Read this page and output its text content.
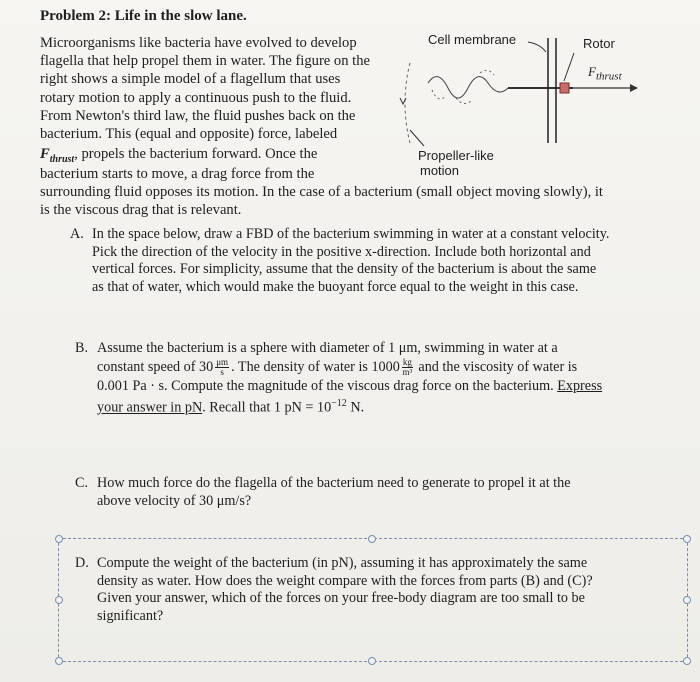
Problem 2: Life in the slow lane.
Microorganisms like bacteria have evolved to develop
flagella that help propel them in water. The figure on the
right shows a simple model of a flagellum that uses
rotary motion to apply a continuous push to the fluid.
From Newton's third law, the fluid pushes back on the
bacterium. This (equal and opposite) force, labeled
$F_{thrust}$, propels the bacterium forward. Once the
bacterium starts to move, a drag force from the
surrounding fluid opposes its motion. In the case of a bacterium (small object moving slowly), it
is the viscous drag that is relevant.
Cell membrane	Rotor
$F_{thrust}$
Propeller-like
motion
A. In the space below, draw a FBD of the bacterium swimming in water at a constant velocity.
Pick the direction of the velocity in the positive x-direction. Include both horizontal and
vertical forces. For simplicity, assume that the density of the bacterium is about the same
as that of water, which would make the buoyant force equal to the weight in this case.
B. Assume the bacterium is a sphere with diameter of 1 μm, swimming in water at a
constant speed of $30 \frac{\mu m}{s}$ . The density of water is $1000 \frac{kg}{\text{m³}}$ and the viscosity of water is
0.001 Pa · s. Compute the magnitude of the viscous drag force on the bacterium. Express
your answer in pN. Recall that 1 pN = $10^{-12}$ N.
C. How much force do the flagella of the bacterium need to generate to propel it at the
above velocity of 30 μm/s?
D. Compute the weight of the bacterium (in pN), assuming it has approximately the same
density as water. How does the weight compare with the forces from parts (B) and (C)?
Given your answer, which of the forces on your free-body diagram are too small to be
significant?
